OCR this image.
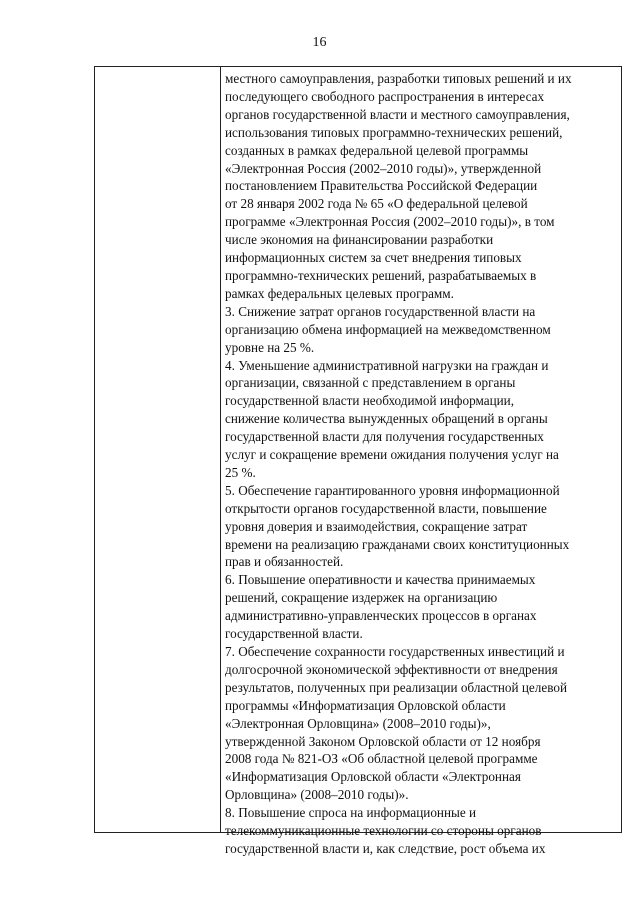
16
местного самоуправления, разработки типовых решений и их
последующего свободного распространения в интересах
органов государственной власти и местного самоуправления,
использования типовых программно-технических решений,
созданных в рамках федеральной целевой программы
«Электронная Россия (2002–2010 годы)», утвержденной
постановлением Правительства Российской Федерации
от 28 января 2002 года № 65 «О федеральной целевой
программе «Электронная Россия (2002–2010 годы)», в том
числе экономия на финансировании разработки
информационных систем за счет внедрения типовых
программно-технических решений, разрабатываемых в
рамках федеральных целевых программ.
3. Снижение затрат органов государственной власти на
организацию обмена информацией на межведомственном
уровне на 25 %.
4. Уменьшение административной нагрузки на граждан и
организации, связанной с представлением в органы
государственной власти необходимой информации,
снижение количества вынужденных обращений в органы
государственной власти для получения государственных
услуг и сокращение времени ожидания получения услуг на
25 %.
5. Обеспечение гарантированного уровня информационной
открытости органов государственной власти, повышение
уровня доверия и взаимодействия, сокращение затрат
времени на реализацию гражданами своих конституционных
прав и обязанностей.
6. Повышение оперативности и качества принимаемых
решений, сокращение издержек на организацию
административно-управленческих процессов в органах
государственной власти.
7. Обеспечение сохранности государственных инвестиций и
долгосрочной экономической эффективности от внедрения
результатов, полученных при реализации областной целевой
программы «Информатизация Орловской области
«Электронная Орловщина» (2008–2010 годы)»,
утвержденной Законом Орловской области от 12 ноября
2008 года № 821-ОЗ «Об областной целевой программе
«Информатизация Орловской области «Электронная
Орловщина» (2008–2010 годы)».
8. Повышение спроса на информационные и
телекоммуникационные технологии со стороны органов
государственной власти и, как следствие, рост объема их
